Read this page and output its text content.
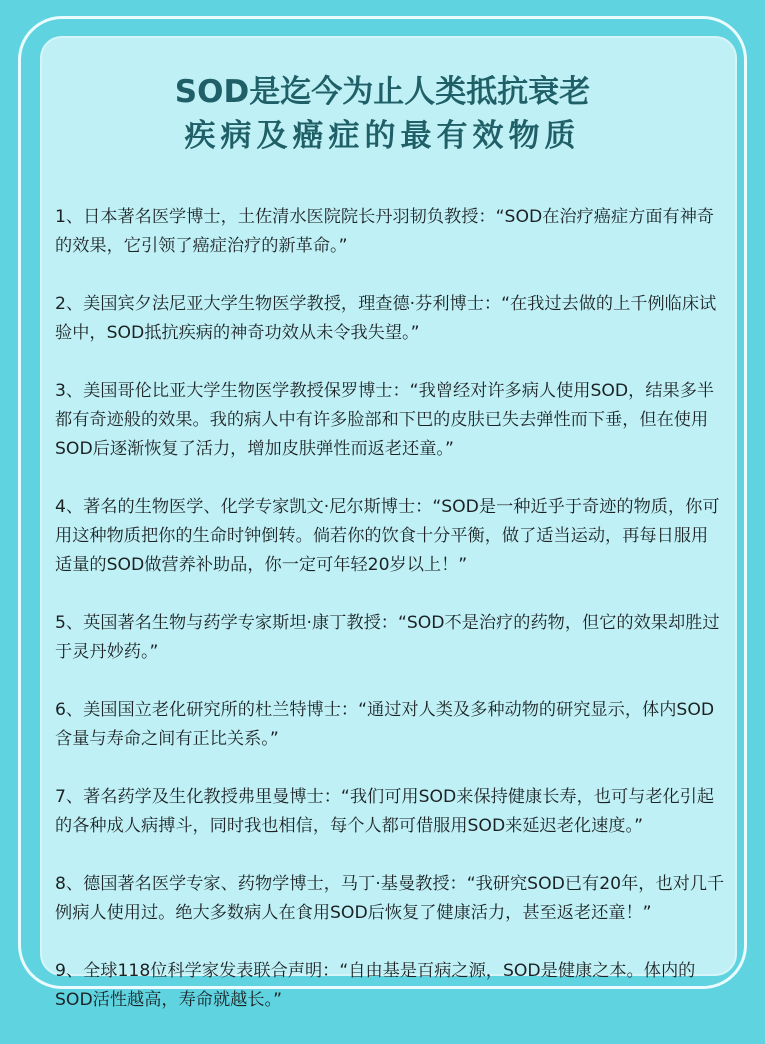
SOD是迄今为止人类抵抗衰老
疾病及癌症的最有效物质

1、日本著名医学博士，土佐清水医院院长丹羽韧负教授：“SOD在治疗癌症方面有神奇 的效果，它引领了癌症治疗的新革命。”

2、美国宾夕法尼亚大学生物医学教授，理查德·芬利博士：“在我过去做的上千例临床试验中，SOD抵抗疾病的神奇功效从未令我失望。”

3、美国哥伦比亚大学生物医学教授保罗博士：“我曾经对许多病人使用SOD，结果多半都有奇迹般的效果。我的病人中有许多脸部和下巴的皮肤已失去弹性而下垂，但在使用SOD后逐渐恢复了活力，增加皮肤弹性而返老还童。”

4、著名的生物医学、化学专家凯文·尼尔斯博士：“SOD是一种近乎于奇迹的物质，你可用这种物质把你的生命时钟倒转。倘若你的饮食十分平衡，做了适当运动，再每日服用适量的SOD做营养补助品，你一定可年轻20岁以上！”

5、英国著名生物与药学专家斯坦·康丁教授：“SOD不是治疗的药物，但它的效果却胜过于灵丹妙药。”

6、美国国立老化研究所的杜兰特博士：“通过对人类及多种动物的研究显示，体内SOD含量与寿命之间有正比关系。”

7、著名药学及生化教授弗里曼博士：“我们可用SOD来保持健康长寿，也可与老化引起的各种成人病搏斗，同时我也相信，每个人都可借服用SOD来延迟老化速度。”

8、德国著名医学专家、药物学博士，马丁·基曼教授：“我研究SOD已有20年，也对几千例病人使用过。绝大多数病人在食用SOD后恢复了健康活力，甚至返老还童！”

9、全球118位科学家发表联合声明：“自由基是百病之源，SOD是健康之本。体内的SOD活性越高，寿命就越长。”
